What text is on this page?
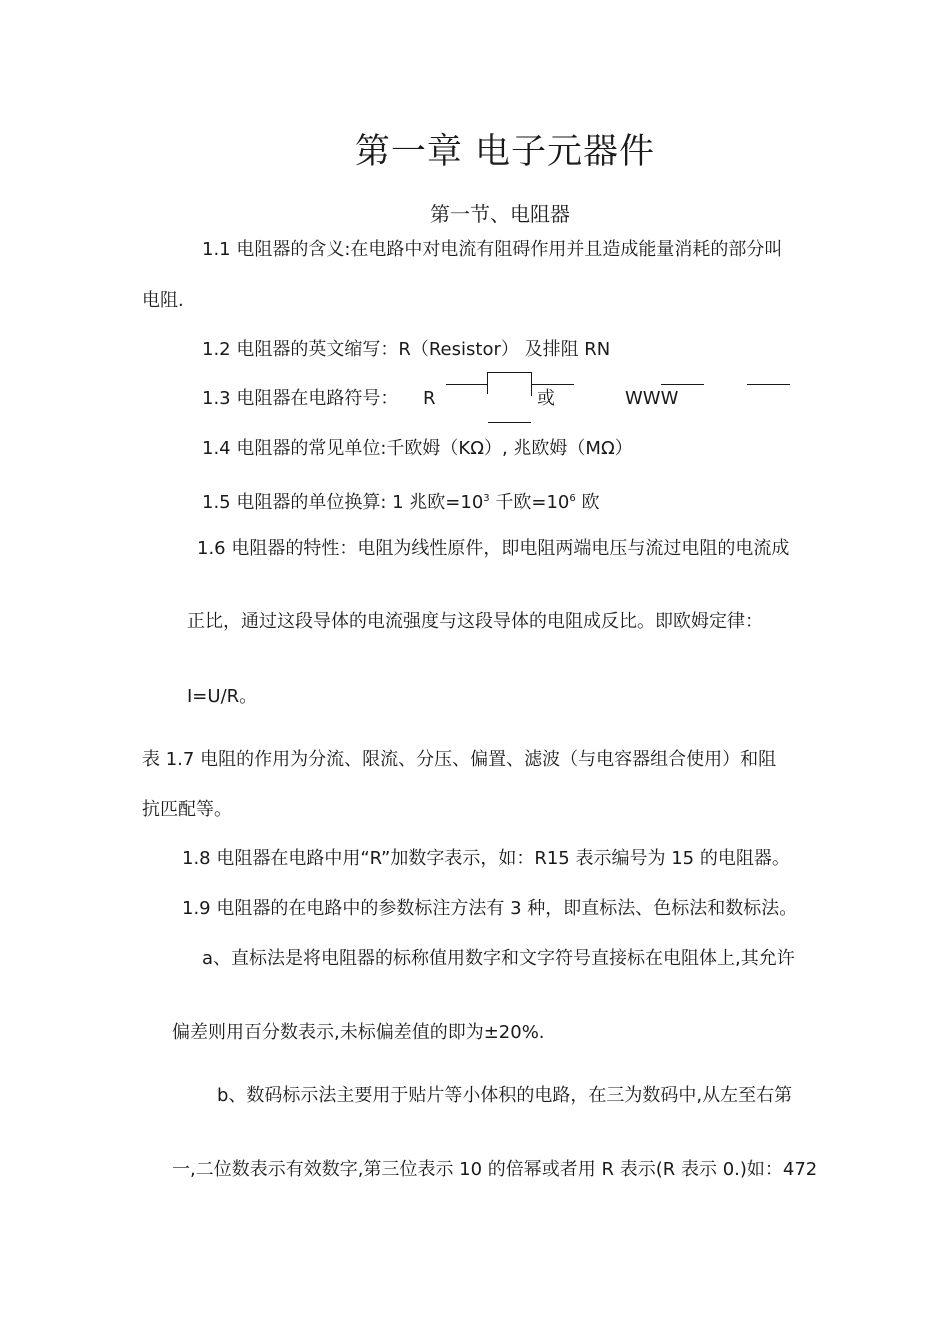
第一章 电子元器件
第一节、电阻器
1.1 电阻器的含义:在电路中对电流有阻碍作用并且造成能量消耗的部分叫
电阻.
1.2 电阻器的英文缩写：R（Resistor） 及排阻 RN
1.3 电阻器在电路符号： R	或	WWW
1.4 电阻器的常见单位:千欧姆（KΩ）, 兆欧姆（MΩ）
1.5 电阻器的单位换算: 1 兆欧$=10^3$ 千欧$=10^6$ 欧
1.6 电阻器的特性：电阻为线性原件，即电阻两端电压与流过电阻的电流成
正比，通过这段导体的电流强度与这段导体的电阻成反比。即欧姆定律：
I=U/R。
表 1.7 电阻的作用为分流、限流、分压、偏置、滤波（与电容器组合使用）和阻
抗匹配等。
1.8 电阻器在电路中用“R”加数字表示，如：R15 表示编号为 15 的电阻器。
1.9 电阻器的在电路中的参数标注方法有 3 种，即直标法、色标法和数标法。
a、直标法是将电阻器的标称值用数字和文字符号直接标在电阻体上,其允许
偏差则用百分数表示,未标偏差值的即为±20%.
b、数码标示法主要用于贴片等小体积的电路，在三为数码中,从左至右第
一,二位数表示有效数字,第三位表示 10 的倍幂或者用 R 表示(R 表示 0.)如：472
